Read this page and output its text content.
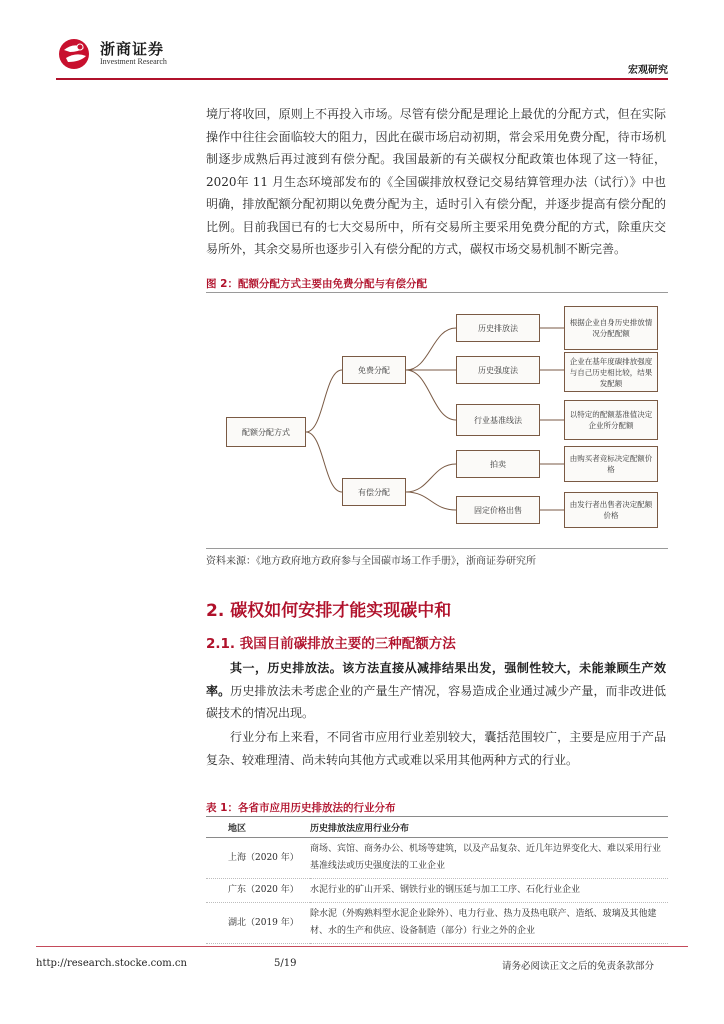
浙商证券
Investment Research
宏观研究

境厅将收回，原则上不再投入市场。尽管有偿分配是理论上最优的分配方式，但在实际操作中往往会面临较大的阻力，因此在碳市场启动初期，常会采用免费分配，待市场机制逐步成熟后再过渡到有偿分配。我国最新的有关碳权分配政策也体现了这一特征，2020年 11 月生态环境部发布的《全国碳排放权登记交易结算管理办法（试行）》中也明确，排放配额分配初期以免费分配为主，适时引入有偿分配，并逐步提高有偿分配的比例。目前我国已有的七大交易所中，所有交易所主要采用免费分配的方式，除重庆交易所外，其余交易所也逐步引入有偿分配的方式，碳权市场交易机制不断完善。

图 2：配额分配方式主要由免费分配与有偿分配
配额分配方式
免费分配
有偿分配
历史排放法
历史强度法
行业基准线法
拍卖
固定价格出售
根据企业自身历史排放情况分配配额
企业在基年度碳排放强度与自己历史相比较，结果发配额
以特定的配额基准值决定企业所分配额
由购买者竞标决定配额价格
由发行者出售者决定配额价格
资料来源：《地方政府地方政府参与全国碳市场工作手册》，浙商证券研究所
2. 碳权如何安排才能实现碳中和
2.1. 我国目前碳排放主要的三种配额方法

其一，历史排放法。该方法直接从减排结果出发，强制性较大，未能兼顾生产效率。历史排放法未考虑企业的产量生产情况，容易造成企业通过减少产量，而非改进低碳技术的情况出现。

行业分布上来看，不同省市应用行业差别较大，囊括范围较广，主要是应用于产品复杂、较难理清、尚未转向其他方式或难以采用其他两种方式的行业。

表 1：各省市应用历史排放法的行业分布
地区	历史排放法应用行业分布
上海（2020 年）	商场、宾馆、商务办公、机场等建筑，以及产品复杂、近几年边界变化大、难以采用行业基准线法或历史强度法的工业企业
广东（2020 年）	水泥行业的矿山开采、钢铁行业的钢压延与加工工序、石化行业企业
湖北（2019 年）	除水泥（外购熟料型水泥企业除外）、电力行业、热力及热电联产、造纸、玻璃及其他建材、水的生产和供应、设备制造（部分）行业之外的企业
http://research.stocke.com.cn	5/19	请务必阅读正文之后的免责条款部分
